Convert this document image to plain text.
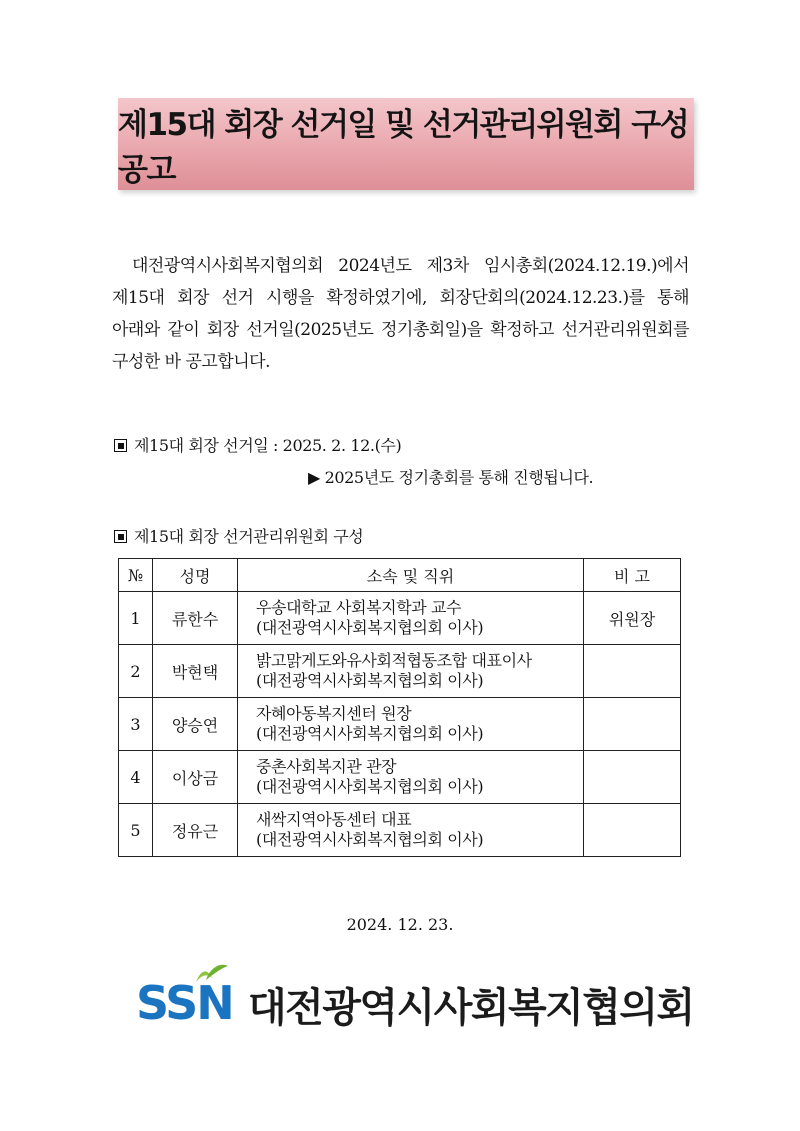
제15대 회장 선거일 및 선거관리위원회 구성 공고

대전광역시사회복지협의회 2024년도 제3차 임시총회(2024.12.19.)에서
제15대 회장 선거 시행을 확정하였기에, 회장단회의(2024.12.23.)를 통해
아래와 같이 회장 선거일(2025년도 정기총회일)을 확정하고 선거관리위원회를
구성한 바 공고합니다.

제15대 회장 선거일 : 2025. 2. 12.(수)
▶ 2025년도 정기총회를 통해 진행됩니다.
제15대 회장 선거관리위원회 구성
№	성명	소속 및 직위	비 고
1	류한수	우송대학교 사회복지학과 교수
(대전광역시사회복지협의회 이사)	위원장
2	박현택	밝고맑게도와유사회적협동조합 대표이사
(대전광역시사회복지협의회 이사)	

3	양승연	자혜아동복지센터 원장
(대전광역시사회복지협의회 이사)	

4	이상금	중촌사회복지관 관장
(대전광역시사회복지협의회 이사)	

5	정유근	새싹지역아동센터 대표
(대전광역시사회복지협의회 이사)	

2024. 12. 23.
SSN 대전광역시사회복지협의회
